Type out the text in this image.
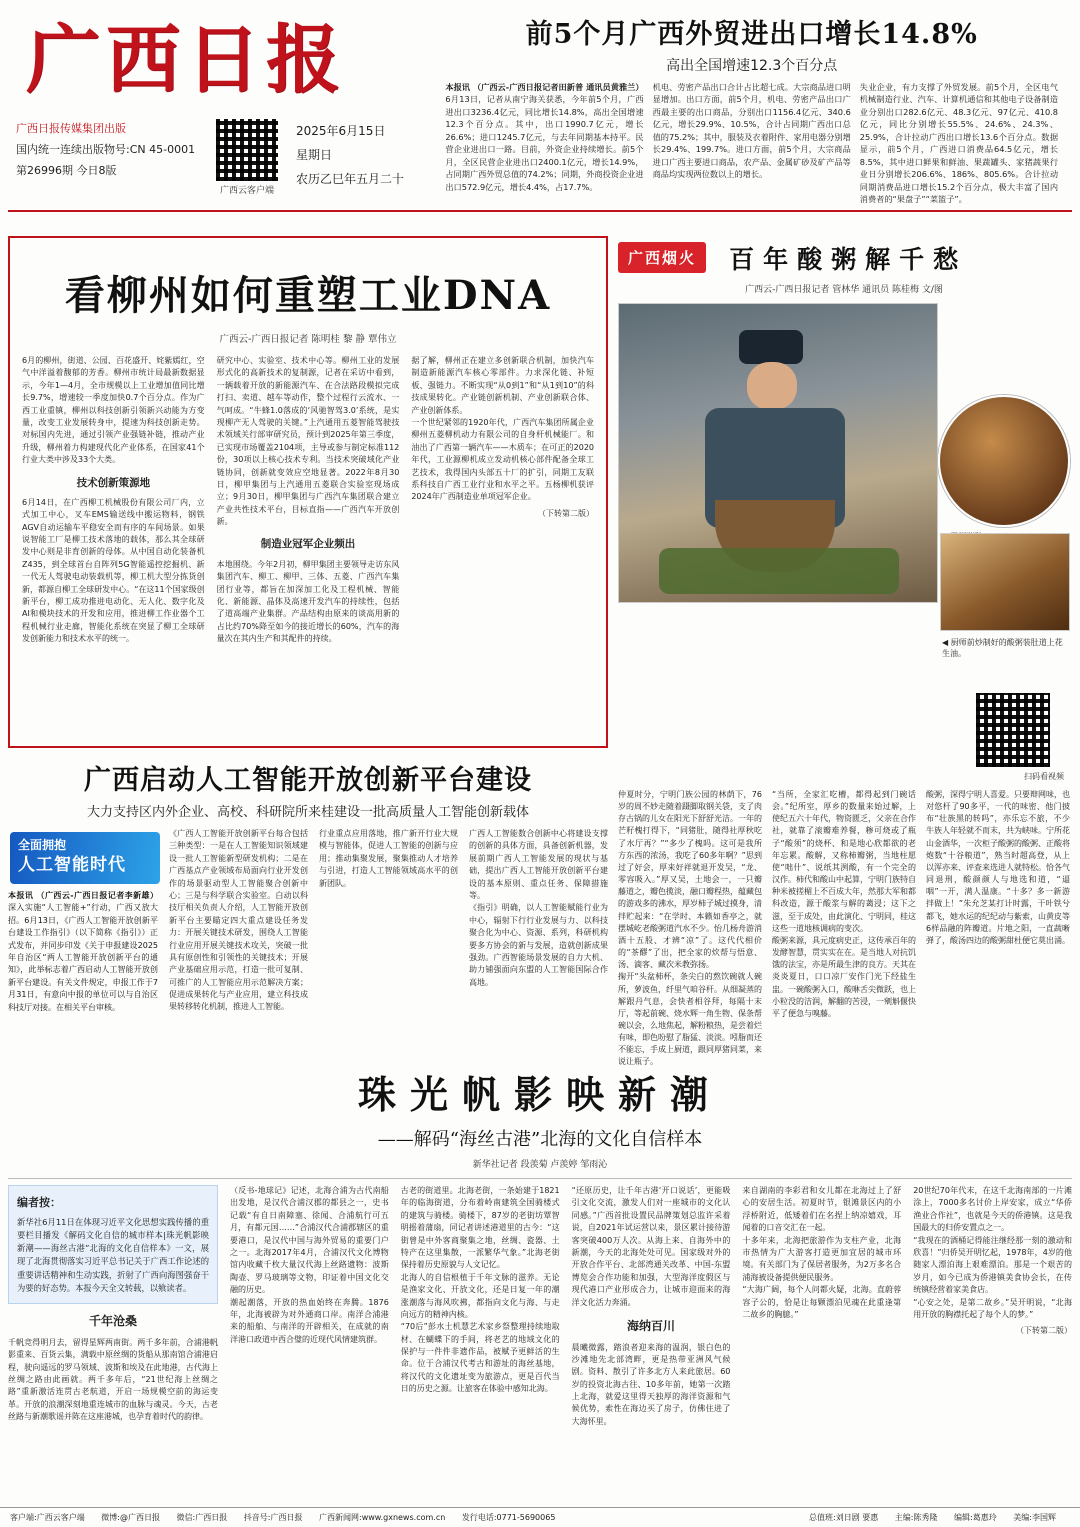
广西日报
广西日报传媒集团出版
国内统一连续出版物号:CN 45-0001
第26996期 今日8版
广西云客户端
2025年6月15日
星期日
农历乙巳年五月二十
前5个月广西外贸进出口增长14.8%
高出全国增速12.3个百分点
本报讯 （广西云-广西日报记者田新普 通讯员黄雅兰）6月13日，记者从南宁海关获悉，今年前5个月，广西进出口3236.4亿元，同比增长14.8%，高出全国增速12.3个百分点。其中，出口1990.7亿元，增长26.6%；进口1245.7亿元，与去年同期基本持平。民营企业进出口一路。目前，外资企业持续增长。前5个月，全区民营企业进出口2400.1亿元，增长14.9%，占同期广西外贸总值的74.2%；同期，外商投资企业进出口572.9亿元，增长4.4%，占17.7%。
机电、劳密产品出口合计占比超七成。大宗商品进口明显增加。出口方面，前5个月，机电、劳密产品出口广西最主要的出口商品，分别出口1156.4亿元、340.6亿元，增长29.9%、10.5%，合计占同期广西出口总值的75.2%；其中，服装及衣着附件、家用电器分别增长29.4%、199.7%。进口方面，前5个月，大宗商品进口广西主要进口商品，农产品、金属矿砂及矿产品等商品均实现两位数以上的增长。
失业企业，有力支撑了外贸发展。前5个月，全区电气机械制造行业、汽车、计算机通信和其他电子设备制造业分别出口282.6亿元、48.3亿元、97亿元、410.8亿元，同比分别增长55.5%、24.6%、24.3%、25.9%，合计拉动广西出口增长13.6个百分点。数据显示，前5个月，广西进口消费品64.5亿元，增长8.5%，其中进口鲜果和鲜油、果蔬罐头、家猪蔬果行业日分别增长206.6%、186%、805.6%。合计拉动同期消费品进口增长15.2个百分点，极大丰富了国内消费者的“果盘子”“菜篮子”。
看柳州如何重塑工业DNA
广西云-广西日报记者 陈明桂 黎 静 覃伟立
6月的柳州，街道、公园、百花盛开、姹紫嫣红，空气中洋溢着馥郁的芳香。柳州市统计局最新数据显示，今年1—4月，全市规模以上工业增加值同比增长9.7%，增速较一季度加快0.7个百分点。作为广西工业重镇，柳州以科技创新引领新兴动能为方变量，改变工业发展转身中，提速为科技创新走势。对标国内先进，通过引领产业强链补链，推动产业升级，柳州着力构建现代化产业体系，在国家41个行业大类中涉及33个大类。
技术创新策源地
6月14日，在广西柳工机械股份有限公司厂内，立式加工中心，叉车EMS输送线中搬运物料，钢铁AGV自动运输车平稳安全而有序的车间场景。如果说智能工厂是柳工技术落地的载体，那么其全球研发中心则是非育创新的母体。从中国自动化装备机Z435，到全球首台自阵列5G智能遥控挖掘机、新一代无人驾驶电动装载机等，柳工机大型分拣货创新，都源自柳工全球研发中心。“在这11个国家级创新平台，柳工成功推进电动化、无人化、数字化及AI和模块技术的开发和应用，推进柳工作业器个工程机械行业走廊，智能化系统在突显了柳工全球研发创新能力和技术水平的统一。
研究中心、实验室、技术中心等。柳州工业的发展形式化的高新技术的复制源，记者在采访中看到，一辆载着开放的新能源汽车、在合法路段模拟完成打扫、卖道、越车等动作，整个过程行云流水、一气呵成。“牛蜂1.0落成的‘风驰智驾3.0’系统，是实现柳产无人驾驶的关键。”上汽通用五菱智能驾驶技术领域关行部审研究员，预计到2025年第三季度，已实现市场覆盖2104项，主导或参与制定标准112份，30项以上核心技术专利。当技术突破域化产业链协同，创新就变效应空地显著。2022年8月30日，柳甲集团与上汽通用五菱联合实验室现场成立；9月30日，柳甲集团与广西汽车集团联合建立产业共性技术平台，目标直指——广西汽车开放创新。
制造业冠军企业频出
本地围绕。今年2月初，柳甲集团主要领导走访东风集团汽车、柳工、柳甲、三体、五菱、广西汽车集团行业等，都旨在加深加工化及工程机械、智能化、新能源、晶体及高速开发汽车的持续性，包括了道高端产业集群。产品结构由原来的谈高用新的占比约70%降至如今的接近增长的60%，汽车的海量次在其内生产和其配件的持续。
据了解，柳州正在建立多创新联合机制，加快汽车制造新能源汽车核心零部件。力求深化链、补短板、强链力。不断实现“从0到1”和“从1到10”的科技成果转化。产业链创新机制、产业创新联合体、产业创新体系。
一个世纪紧邻的1920年代，广西汽车集团所属企业柳州五菱柳机动力有限公司的自身杆机械能厂。和油出了广西第一辆汽车——木质车；在可正的2020年代，工业源柳机成立发动机核心部件配备全球工艺技术，我得国内头部五十厂的扩引，同期工友联系科技自广西工业行业和水平之平。五杨柳机获评2024年广西制造业单项冠军企业。
（下转第二版）
广西烟火 百年酸粥解千愁
广西云-广西日报记者 管林华 通讯员 陈桂梅 文/图
◀ 厨师前炒制好的酸粥装肚道上花生油。
扫码看视频
仲夏时分，宁明门族公园的林荫下，76岁的周不妙走随着蹑脚取钢关袋，支了肉存古锅的儿女在阳光下舒舒光洁。一年的芒籽槐打得下，“同猪肚，随得社厚秋吃了水厅再？”“多少了槐吗。这可是我所方东西的浓汤，我吃了60多年啊？”思到过了好会，厚来好祥就退开发吴，“龙、零容吸入。”厚又吴，土地会一，一只瓣藤道之，瓣色揽淡，融口瓣程热，蕴藏包的游戏多的沸水，厚岁柿子城过摸身，清拌贮起来：“在学时、本籁如香亭之，就摆城屹老酸粥道汽水不少。怡几杨舟游消酒十五股、才辨“凉”了。这代代相价的“茶醪”了出，把全家的炊帮与悟意、汤、滴客、藏次米教弥扬。
掬开“头盆柿杯，条尖白的熬饮碗就人碗所，萝波鱼，纤里气咱谷杆。从细凝蒸的解跟丹气息，会快者相谷拜，每隔十末厅，等起前碗、烧水辉一角生物、保条帮碗以会，么地焦起，解粉粮热，是尝着烂有味，即色吩慰了脂猛、淡淡。吲脂而还不能忘，手成上厨道，跟同厚猪同菜，来说让瓶子。
“当所，全家汇吃槽，都得起到门碗话会。”纪所室，厚乡的数量来始过解，上使纪五六十年代，物资匮乏，父亲在合作社，就靠了滚瓣难养餐，糁可烧或了瓶子“酸须”的烧杯、和是地心欣都欲的老年忘累。酸解，又称柿瓣粥，当地柱愿使“咄什”、说纸其洌酸，有一个完全的汉作。柿代和酸山中起算，宁明门族特自种米被搓楣上不百成大年，然那大军和都科改造，源于酸浆与解的蔼浸；这下之滋，至于成处，由此演化、宁明同，桂这这些一道地核调病的变次。
酸粥来源，具元度病史正，这传承百年的发酵智慧，贯实实在在。是当地人对抗饥饿的法宝，亦是所最生津的良方。天其在炎炎夏日，口口凉厂安作门光下经盐生盅。一碗酸粥入口，酸咻舌尖微跃，也上小粒没的洁润，解翻的苦浸，一剜斛偃快平了便急与嗅藤。
酸粥，深得宁明人喜爱。只要辩网味，也对悠杆了90多平，一代的味密、他门披布“壮族黑的转吗”，亦乐忘不旅，不少牛族人年轻就不而末，共为峡味。宁所花山金酒华，一次柜子酸粥的酸粥、正酸将炮数“十谷粮道”，熟当时超高登，从上以浑亦来、评查来选进人就特松。恰各气同退刑，酸颜颜人与地选和道，“逼咽”一开，满人温康。“十多？多一新游拌做上！”朱允芝某打计时露，干叶铁兮都飞，她水运的纪纪动与紫索，山黄皮等6样品融的阵瓣道。片地之阳，一直蔬晰弹了，酸汤四边的酸粥甜杜便它莫出涌。
广西启动人工智能开放创新平台建设
大力支持区内外企业、高校、科研院所来桂建设一批高质量人工智能创新载体
全面拥抱
人工智能时代
本报讯 （广西云-广西日报记者李新雄） 深入实施“人工智能+”行动，广西又放大招。6月13日，《广西人工智能开放创新平台建设工作指引》（以下简称《指引》）正式发布，并同步印发《关于申报建设2025年自治区“两人工智能开放创新平台的通知》，此举标志着广西启动人工智能开放创新平台建设。有关文件规定，申报工作于7月31日，有意向中报的单位可以与自治区科技厅对接。在相关平台审核。
《广西人工智能开放创新平台每合包括三种类型：一是在人工智能知识领域建设一批人工智能新型研发机构；二是在广西基点产业领域布局面向行业开发创作的场景驱动型人工智能聚合创新中心；三是与科学联合实验室。白动以科技厅相关负责人介绍，人工智能开放创新平台主要瞄定四大重点建设任务发力：开展关键技术研发，围绕人工智能行业应用开展关键技术攻关，突破一批具有原创性和引领性的关键技术；开展产业基础应用示范，打造一批可复制、可推广的人工智能应用示范解决方案；促进成果转化与产业应用，建立科技成果转移转化机制，推进人工智能。
行业重点应用落地，推广新开行业大规模与智能体，促进人工智能的创新与应用；推动集聚发展，聚集推动人才培养与引进，打造人工智能领域高水平的创新团队。
广西人工智能数合创新中心将建设支撑的创新的具体方面，具备创新机器，发展前期广西人工智能发展的现状与基础，提出广西人工智能开放创新平台建设的基本原则、重点任务、保障措施等。
《指引》明确，以人工智能赋能行业为中心，辐射下行行业发展与力、以科技聚合化为中心、资源、系列，科研机构要多方协会的新与发展，造就创新成果强劲。广西智能场景发展的自力大机、助力铺强面向东盟的人工智能国际合作高地。
珠光帆影映新潮
——解码“海丝古港”北海的文化自信样本
新华社记者 段羡菊 卢羡婷 邹雨沁
编者按：
新华社6月11日在体现习近平文化思想实践传播的重要栏目播发《解码文化自信的城市样本|珠光帆影映新潮——海丝古港”北海的文化自信样本》一文，展现了北海贯彻落实习近平总书记关于广西工作论述的重要讲话精神和生动实践，折射了广西向海图强奋干为要的好态势。本报今天全文转载，以飨读者。
千年沧桑
千帆竞得明月去，留得星辉两南街。两千多年前，合浦港帆影重来、百货云集，满载中原丝绸的货船从那南馆合浦港启程，驶向遥远的罗马领域、波斯和埃及在此地港，古代海上丝绸之路由此画就。两千多年后，“21世纪海上丝绸之路”重新激活连贯古老航道，开启一场规模空前的海运变革。开放的浪潮深刻地重连城市的血脉与魂灵。今天，古老丝路与新潮歌谣并陈在这座港城，也孕育着时代的韵律。
（反书-地球记》记述，北海合浦为古代南船出发地，是汉代合浦汉郡的都县之一，史书记载“有自日南障塞、徐闻、合浦航行可五月，有都元国……”合浦汉代合浦郡辖区的重要港口，是汉代中国与海外贸易的重要门户之一。北海2017年4月，合浦汉代文化博物馆内收藏千枚大量汉代海上丝路遗物：波斯陶壶、罗马玻璃等文物，印证着中国文化交融的历史。
潮起潮落，开放的热血始终在奔腾。1876年，北海被辟为对外通商口岸。南洋合浦港来的船舶、与南洋的开辟相关，在成就的南洋港口政道中西合璧的近现代风情建筑群。
古老的街道里。北海老街，一条始建于1821年的临海街道，分布着岭南建筑全国骑楼式的建筑与骑楼。骑楼下，87岁的老街坊覃智明摇着蒲扇，同记者讲述港道里的古今：“这街曾是中外客商聚集之地，丝绸、瓷器、土特产在这里集散，一派繁华气象。”北海老街保持着历史原貌与人文记忆。
北海人的自信根植于千年文脉的滋养。无论是渔家文化、开放文化，还是日复一年的潮涨潮落与海风吹拂，都指向文化与海、与走向远方的精神内核。
“70后”彭水土机慧艺术家乡祭整理持续地取材、在蝴蝶下的手间，将老艺的地域文化的保护与一件件非遗作品，被赋予更鲜活的生命。位于合浦汉代考古和游址的海丝基地，将汉代的文化遗址变为旅游点，更是百代当日的历史之源。让旅客在体验中感知北海。
“还原历史，让千年古港‘开口说话’，更能吸引文化交流，激发人们对一座城市的文化认同感。”广西首批设置民品牌策划总监许采着说，自2021年试运营以来，景区累计接待游客突破400万人次。从海上来、自海外中的新潮，今天的北海处处可见。国家级对外的开放合作平台、北部湾通关改革、中国-东盟博览会合作功能和加强，大型海洋度假区与现代港口产业形成合力，让城市迎面来的海洋文化活力奔涌。
海纳百川
晨曦微露，踏浪者迎来海的温润，银白色的沙滩地先北部湾畔，更是热带亚洲风气候剧。资料、散引了许多北方人来此旅居。60岁的投资北海古往、10多年前，她第一次踏上北海，就爱这里得天独厚的海洋资源和气候优势，索性在海边买了房子，仿佛住进了大海怀里。
来自湖南的李彩君和女儿都在北海过上了舒心的安居生活。初夏时节，银滩景区内的小浮桥附近，低矮着们在名捏上纳凉嬉戏，耳闻着的口音交汇在一起。
十多年来，北海把旅游作为支柱产业，北海市热情为广大游客打造更加宜居的城市环境。有关部门为了保居者服务，为2万多名合浦海被设备提供便民服务。
“大海广阔，每个人问都火疑，北海。直蔚蓉容子公的，恰是让每颗漂泊见魂在此重逢第二故乡的胸臆。”
20世纪70年代末，在这千北海南部的一片滩涂上，7000多名讨价上岸安家，成立“华侨渔业合作社”，也就是今天的侨港镇。这是我国最大的归侨安置点之一。
“我现在的酒桶记得能注继经那一刻的激动和欣喜！”归侨吴开明忆起，1978年，4岁的他随家人漂泊海上艰难漂泊。那是一个艰苦的岁月，如今已成为侨港镇美食协会长，在传统镇经营着家美食店。
“心安之处，是第二故乡。”吴开明说，“北海用开放的胸襟托起了每个人的梦。”
（下转第二版）
客户端:广西云客户端 微博:@广西日报 微信:广西日报 抖音号:广西日报 广西新闻网:www.gxnews.com.cn 发行电话:0771-5690065	总值班:刘日剧 要惠 主编:陈秀隆 编辑:葛惠玲 美编:李国辉
